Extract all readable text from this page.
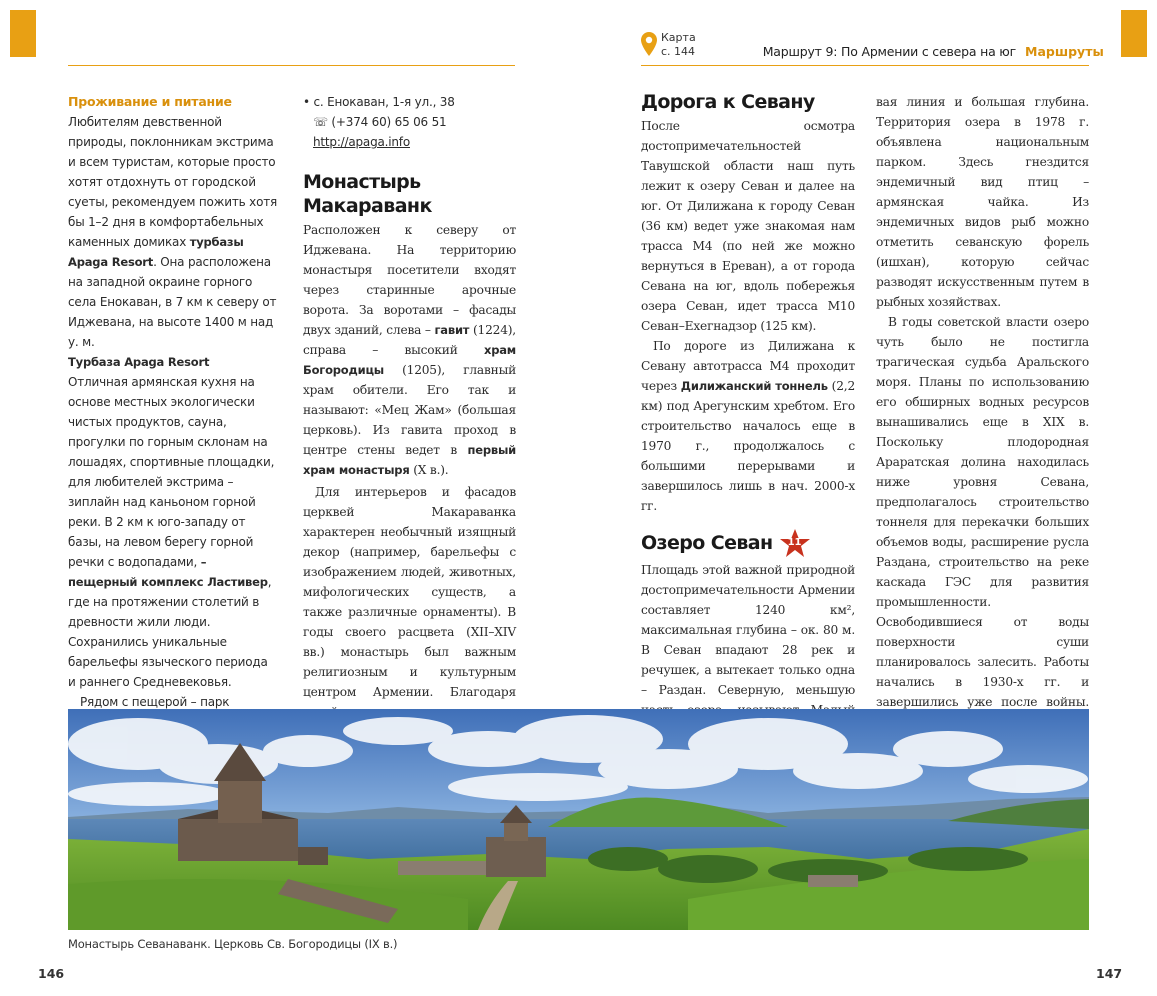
Карта
с. 144	Маршрут 9: По Армении с севера на юг Маршруты

Проживание и питание

Любителям девственной природы, поклонникам экстрима и всем туристам, которые просто хотят отдохнуть от городской суеты, рекомендуем пожить хотя бы 1–2 дня в комфортабельных каменных домиках турбазы Apaga Resort. Она расположена на западной окраине горного села Енокаван, в 7 км к северу от Иджевана, на высоте 1400 м над у. м.

Турбаза Apaga Resort

Отличная армянская кухня на основе местных экологически чистых продуктов, сауна, прогулки по горным склонам на лошадях, спортивные площадки, для любителей экстрима – зиплайн над каньоном горной реки. В 2 км к юго-западу от базы, на левом берегу горной речки с водопадами, – пещерный комплекс Ластивер, где на протяжении столетий в древности жили люди. Сохранились уникальные барельефы языческого периода и раннего Средневековья.

Рядом с пещерой – парк

• с. Енокаван, 1-я ул., 38

☏ (+374 60) 65 06 51

http://apaga.info

Монастырь Макараванк

Расположен к северу от Иджевана. На территорию монастыря посетители входят через старинные арочные ворота. За воротами – фасады двух зданий, слева – гавит (1224), справа – высокий храм Богородицы (1205), главный храм обители. Его так и называют: «Мец Жам» (большая церковь). Из гавита проход в центре стены ведет в первый храм монастыря (X в.).

Для интерьеров и фасадов церквей Макараванка характерен необычный изящный декор (например, барельефы с изображением людей, животных, мифологических существ, а также различные орнаменты). В годы своего расцвета (XII–XIV вв.) монастырь был важным религиозным и культурным центром Армении. Благодаря

Дорога к Севану

После осмотра достопримечательностей Тавушской области наш путь лежит к озеру Севан и далее на юг. От Дилижана к городу Севан (36 км) ведет уже знакомая нам трасса М4 (по ней же можно вернуться в Ереван), а от города Севана на юг, вдоль побережья озера Севан, идет трасса М10 Севан–Ехегнадзор (125 км).

По дороге из Дилижана к Севану автотрасса М4 проходит через Дилижанский тоннель (2,2 км) под Арегунским хребтом. Его строительство началось еще в 1970 г., продолжалось с большими перерывами и завершилось лишь в нач. 2000-х гг.

Озеро Севан	11

Площадь этой важной природной достопримечательности Армении составляет 1240 км², максимальная глубина – ок. 80 м. В Севан впадают 28 рек и речушек, а вытекает только одна – Раздан. Северную, меньшую

вая линия и большая глубина. Территория озера в 1978 г. объявлена национальным парком. Здесь гнездится эндемичный вид птиц – армянская чайка. Из эндемичных видов рыб можно отметить севанскую форель (ишхан), которую сейчас разводят искусственным путем в рыбных хозяйствах.

В годы советской власти озеро чуть было не постигла трагическая судьба Аральского моря. Планы по использованию его обширных водных ресурсов вынашивались еще в XIX в. Поскольку плодородная Араратская долина находилась ниже уровня Севана, предполагалось строительство тоннеля для перекачки больших объемов воды, расширение русла Раздана, строительство на реке каскада ГЭС для развития промышленности. Освободившиеся от воды поверхности суши планировалось залесить. Работы начались в 1930-х гг. и завершились уже после войны.

Монастырь Севанаванк. Церковь Св. Богородицы (IX в.)
146	147
